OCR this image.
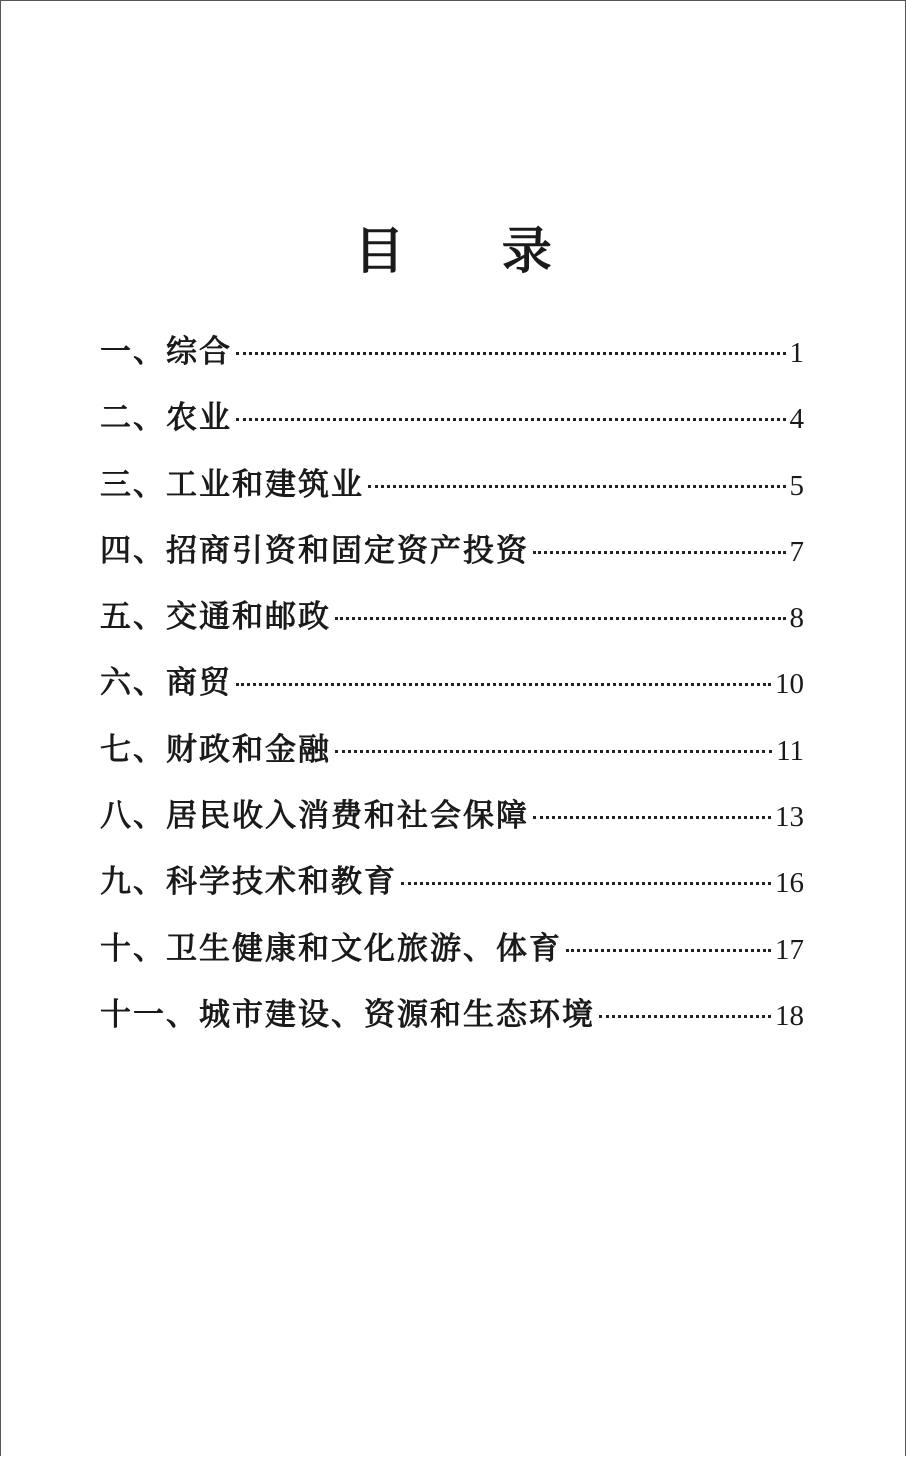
目 录
一、综合	1
二、农业	4
三、工业和建筑业	5
四、招商引资和固定资产投资	7
五、交通和邮政	8
六、商贸	10
七、财政和金融	11
八、居民收入消费和社会保障	13
九、科学技术和教育	16
十、卫生健康和文化旅游、体育	17
十一、城市建设、资源和生态环境	18
